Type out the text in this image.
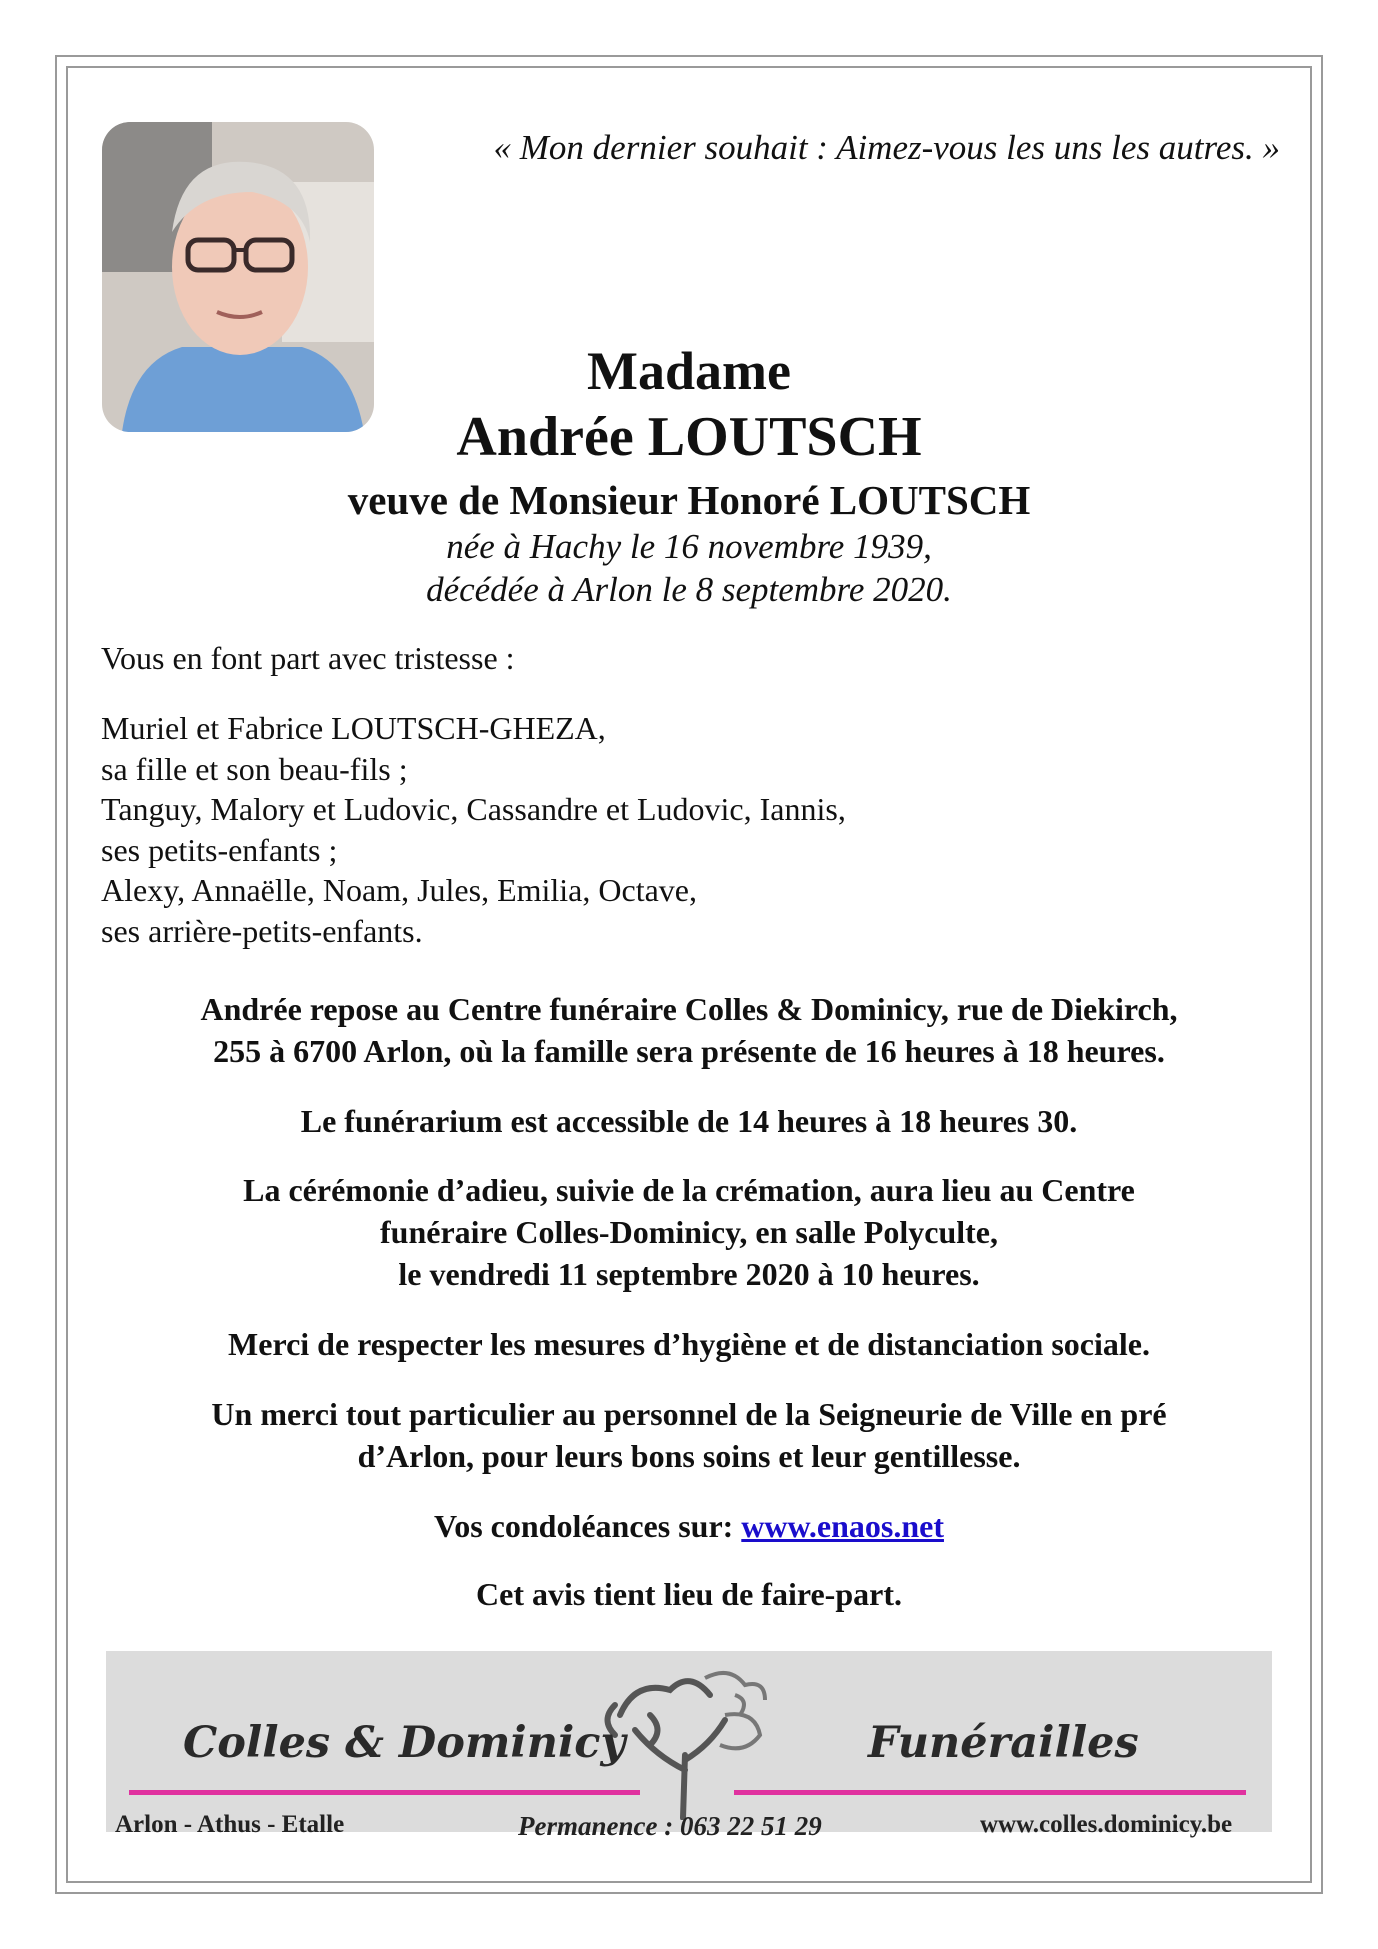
« Mon dernier souhait : Aimez-vous les uns les autres. »
Madame
Andrée LOUTSCH
veuve de Monsieur Honoré LOUTSCH
née à Hachy le 16 novembre 1939,
décédée à Arlon le 8 septembre 2020.
Vous en font part avec tristesse :
Muriel et Fabrice LOUTSCH-GHEZA,
sa fille et son beau-fils ;
Tanguy, Malory et Ludovic, Cassandre et Ludovic, Iannis,
ses petits-enfants ;
Alexy, Annaëlle, Noam, Jules, Emilia, Octave,
ses arrière-petits-enfants.
Andrée repose au Centre funéraire Colles & Dominicy, rue de Diekirch,
255 à 6700 Arlon, où la famille sera présente de 16 heures à 18 heures.
Le funérarium est accessible de 14 heures à 18 heures 30.
La cérémonie d’adieu, suivie de la crémation, aura lieu au Centre
funéraire Colles-Dominicy, en salle Polyculte,
le vendredi 11 septembre 2020 à 10 heures.
Merci de respecter les mesures d’hygiène et de distanciation sociale.
Un merci tout particulier au personnel de la Seigneurie de Ville en pré
d’Arlon, pour leurs bons soins et leur gentillesse.
Vos condoléances sur: www.enaos.net
Cet avis tient lieu de faire-part.
Colles & Dominicy	Funérailles
Arlon - Athus - Etalle	Permanence : 063 22 51 29	www.colles.dominicy.be
